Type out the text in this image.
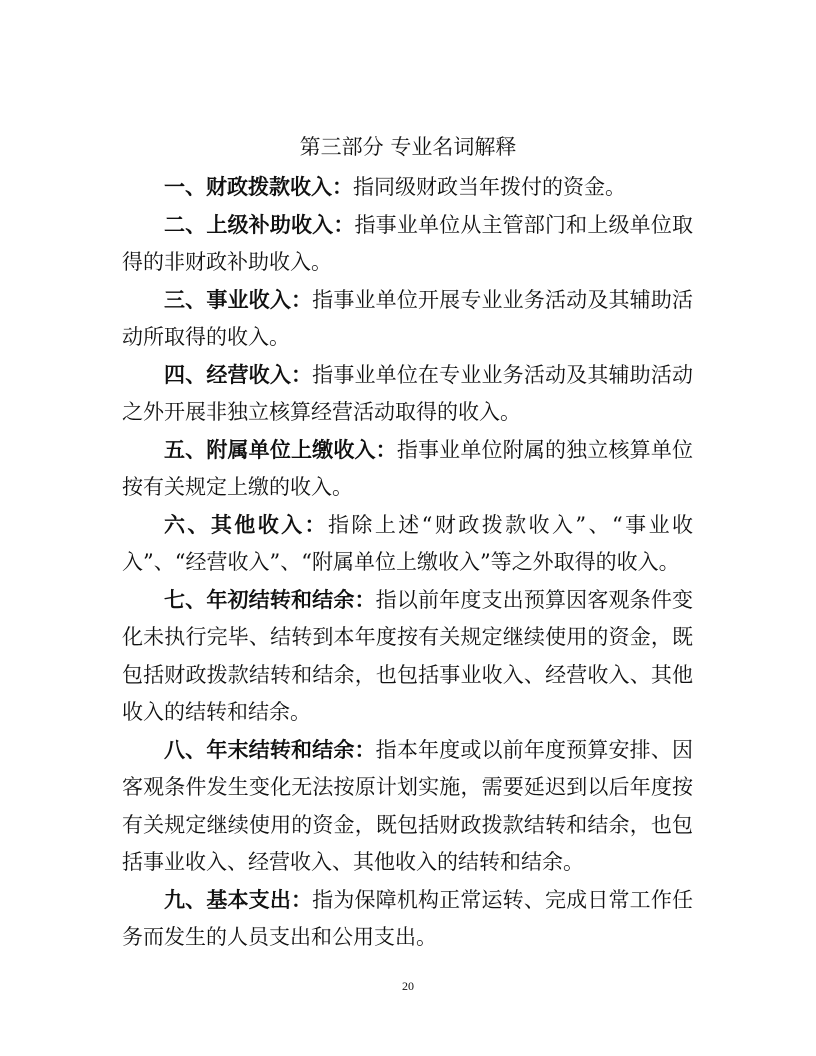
第三部分 专业名词解释

一、财政拨款收入：指同级财政当年拨付的资金。

二、上级补助收入：指事业单位从主管部门和上级单位取得的非财政补助收入。

三、事业收入：指事业单位开展专业业务活动及其辅助活动所取得的收入。

四、经营收入：指事业单位在专业业务活动及其辅助活动之外开展非独立核算经营活动取得的收入。

五、附属单位上缴收入：指事业单位附属的独立核算单位按有关规定上缴的收入。

六、其他收入：指除上述“财政拨款收入”、“事业收入”、“经营收入”、“附属单位上缴收入”等之外取得的收入。

七、年初结转和结余：指以前年度支出预算因客观条件变化未执行完毕、结转到本年度按有关规定继续使用的资金，既包括财政拨款结转和结余，也包括事业收入、经营收入、其他收入的结转和结余。

八、年末结转和结余：指本年度或以前年度预算安排、因客观条件发生变化无法按原计划实施，需要延迟到以后年度按有关规定继续使用的资金，既包括财政拨款结转和结余，也包括事业收入、经营收入、其他收入的结转和结余。

九、基本支出：指为保障机构正常运转、完成日常工作任务而发生的人员支出和公用支出。

20
